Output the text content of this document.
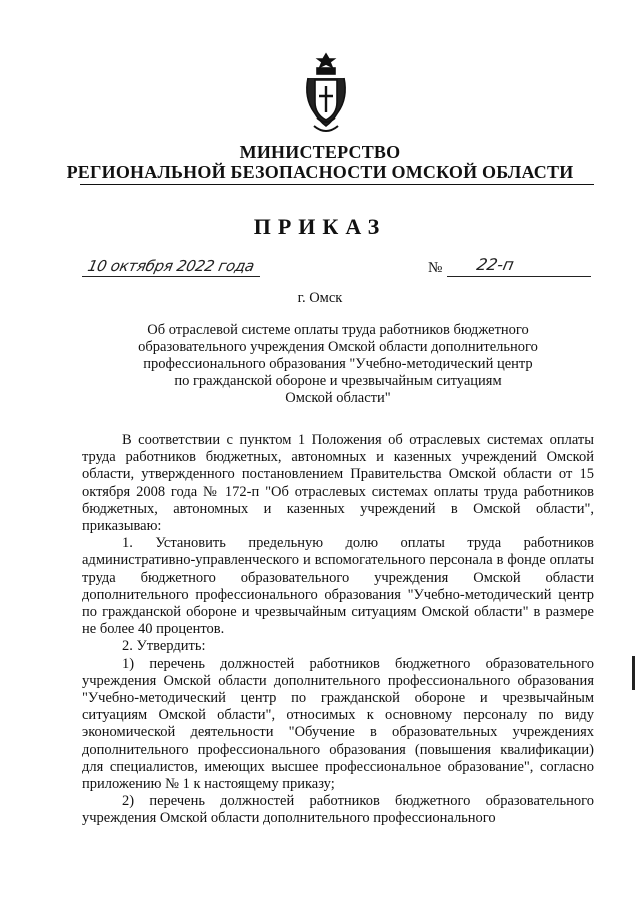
МИНИСТЕРСТВО
РЕГИОНАЛЬНОЙ БЕЗОПАСНОСТИ ОМСКОЙ ОБЛАСТИ
ПРИКАЗ
10 октября 2022 года	№ 22-п
г. Омск
Об отраслевой системе оплаты труда работников бюджетного
образовательного учреждения Омской области дополнительного
профессионального образования "Учебно-методический центр
по гражданской обороне и чрезвычайным ситуациям
Омской области"

В соответствии с пунктом 1 Положения об отраслевых системах оплаты труда работников бюджетных, автономных и казенных учреждений Омской области, утвержденного постановлением Правительства Омской области от 15 октября 2008 года № 172-п "Об отраслевых системах оплаты труда работников бюджетных, автономных и казенных учреждений в Омской области", приказываю:

1. Установить предельную долю оплаты труда работников административно-управленческого и вспомогательного персонала в фонде оплаты труда бюджетного образовательного учреждения Омской области дополнительного профессионального образования "Учебно-методический центр по гражданской обороне и чрезвычайным ситуациям Омской области" в размере не более 40 процентов.

2. Утвердить:

1) перечень должностей работников бюджетного образовательного учреждения Омской области дополнительного профессионального образования "Учебно-методический центр по гражданской обороне и чрезвычайным ситуациям Омской области", относимых к основному персоналу по виду экономической деятельности "Обучение в образовательных учреждениях дополнительного профессионального образования (повышения квалификации) для специалистов, имеющих высшее профессиональное образование", согласно приложению № 1 к настоящему приказу;

2) перечень должностей работников бюджетного образовательного учреждения Омской области дополнительного профессионального
